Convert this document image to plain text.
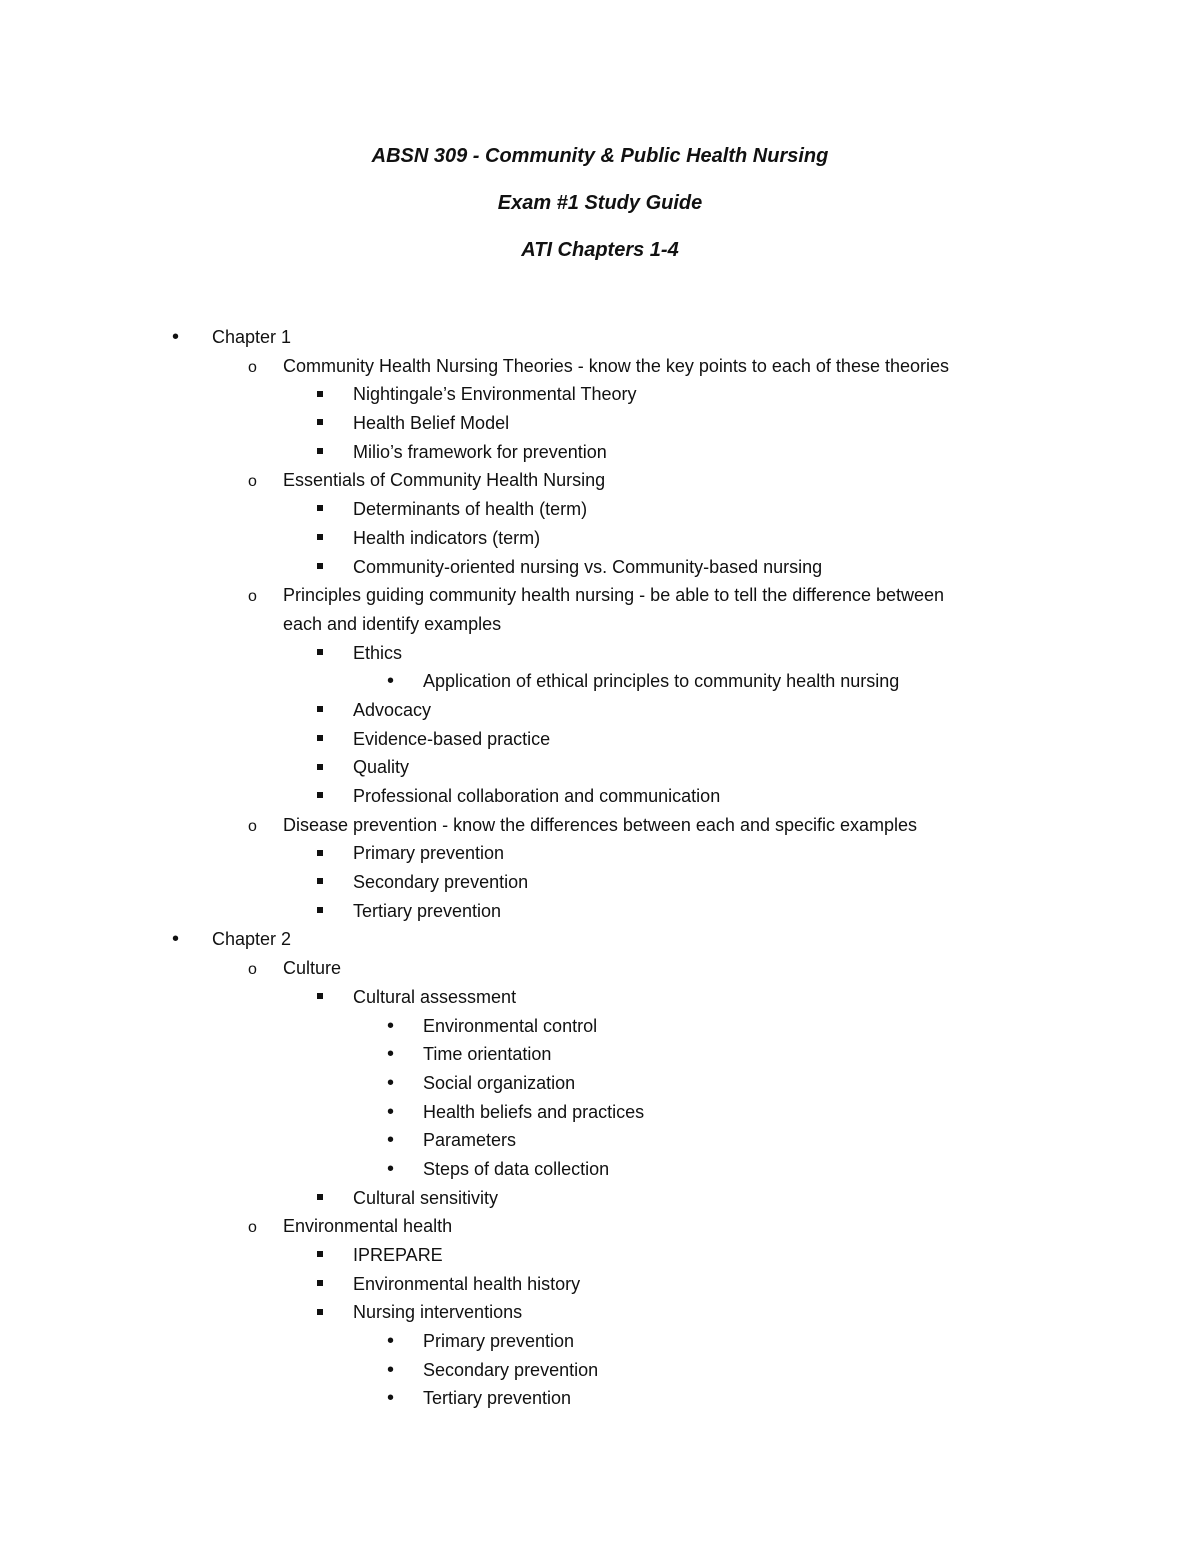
ABSN 309 - Community & Public Health Nursing
Exam #1 Study Guide
ATI Chapters 1-4
•
Chapter 1
o
Community Health Nursing Theories - know the key points to each of these theories
Nightingale’s Environmental Theory
Health Belief Model
Milio’s framework for prevention
o
Essentials of Community Health Nursing
Determinants of health (term)
Health indicators (term)
Community-oriented nursing vs. Community-based nursing
o
Principles guiding community health nursing - be able to tell the difference between
each and identify examples
Ethics
•
Application of ethical principles to community health nursing
Advocacy
Evidence-based practice
Quality
Professional collaboration and communication
o
Disease prevention - know the differences between each and specific examples
Primary prevention
Secondary prevention
Tertiary prevention
•
Chapter 2
o
Culture
Cultural assessment
•
Environmental control
•
Time orientation
•
Social organization
•
Health beliefs and practices
•
Parameters
•
Steps of data collection
Cultural sensitivity
o
Environmental health
IPREPARE
Environmental health history
Nursing interventions
•
Primary prevention
•
Secondary prevention
•
Tertiary prevention
